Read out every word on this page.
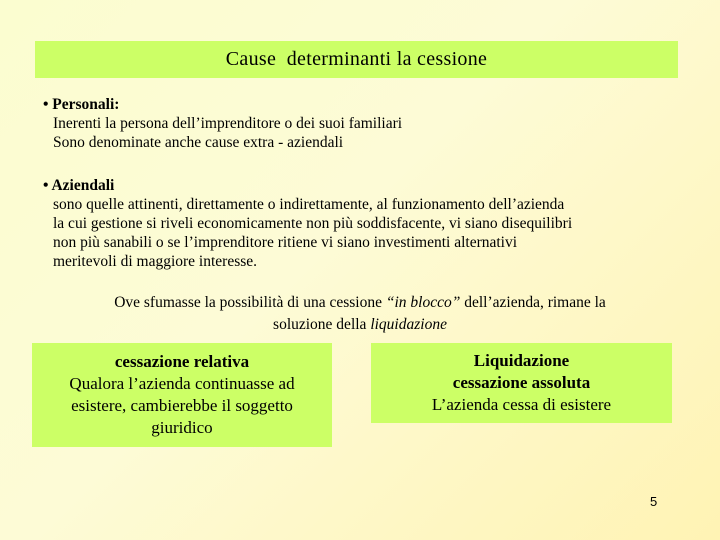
Cause  determinanti la cessione
• Personali:
Inerenti la persona dell’imprenditore o dei suoi familiari
Sono denominate anche cause extra - aziendali
• Aziendali
sono quelle attinenti, direttamente o indirettamente, al funzionamento dell’azienda
la cui gestione si riveli economicamente non più soddisfacente, vi siano disequilibri
non più sanabili o se l’imprenditore ritiene vi siano investimenti alternativi
meritevoli di maggiore interesse.
Ove sfumasse la possibilità di una cessione “in blocco” dell’azienda, rimane la
soluzione della liquidazione
cessazione relativa
Qualora l’azienda continuasse ad
esistere, cambierebbe il soggetto
giuridico
Liquidazione
cessazione assoluta
L’azienda cessa di esistere
5
